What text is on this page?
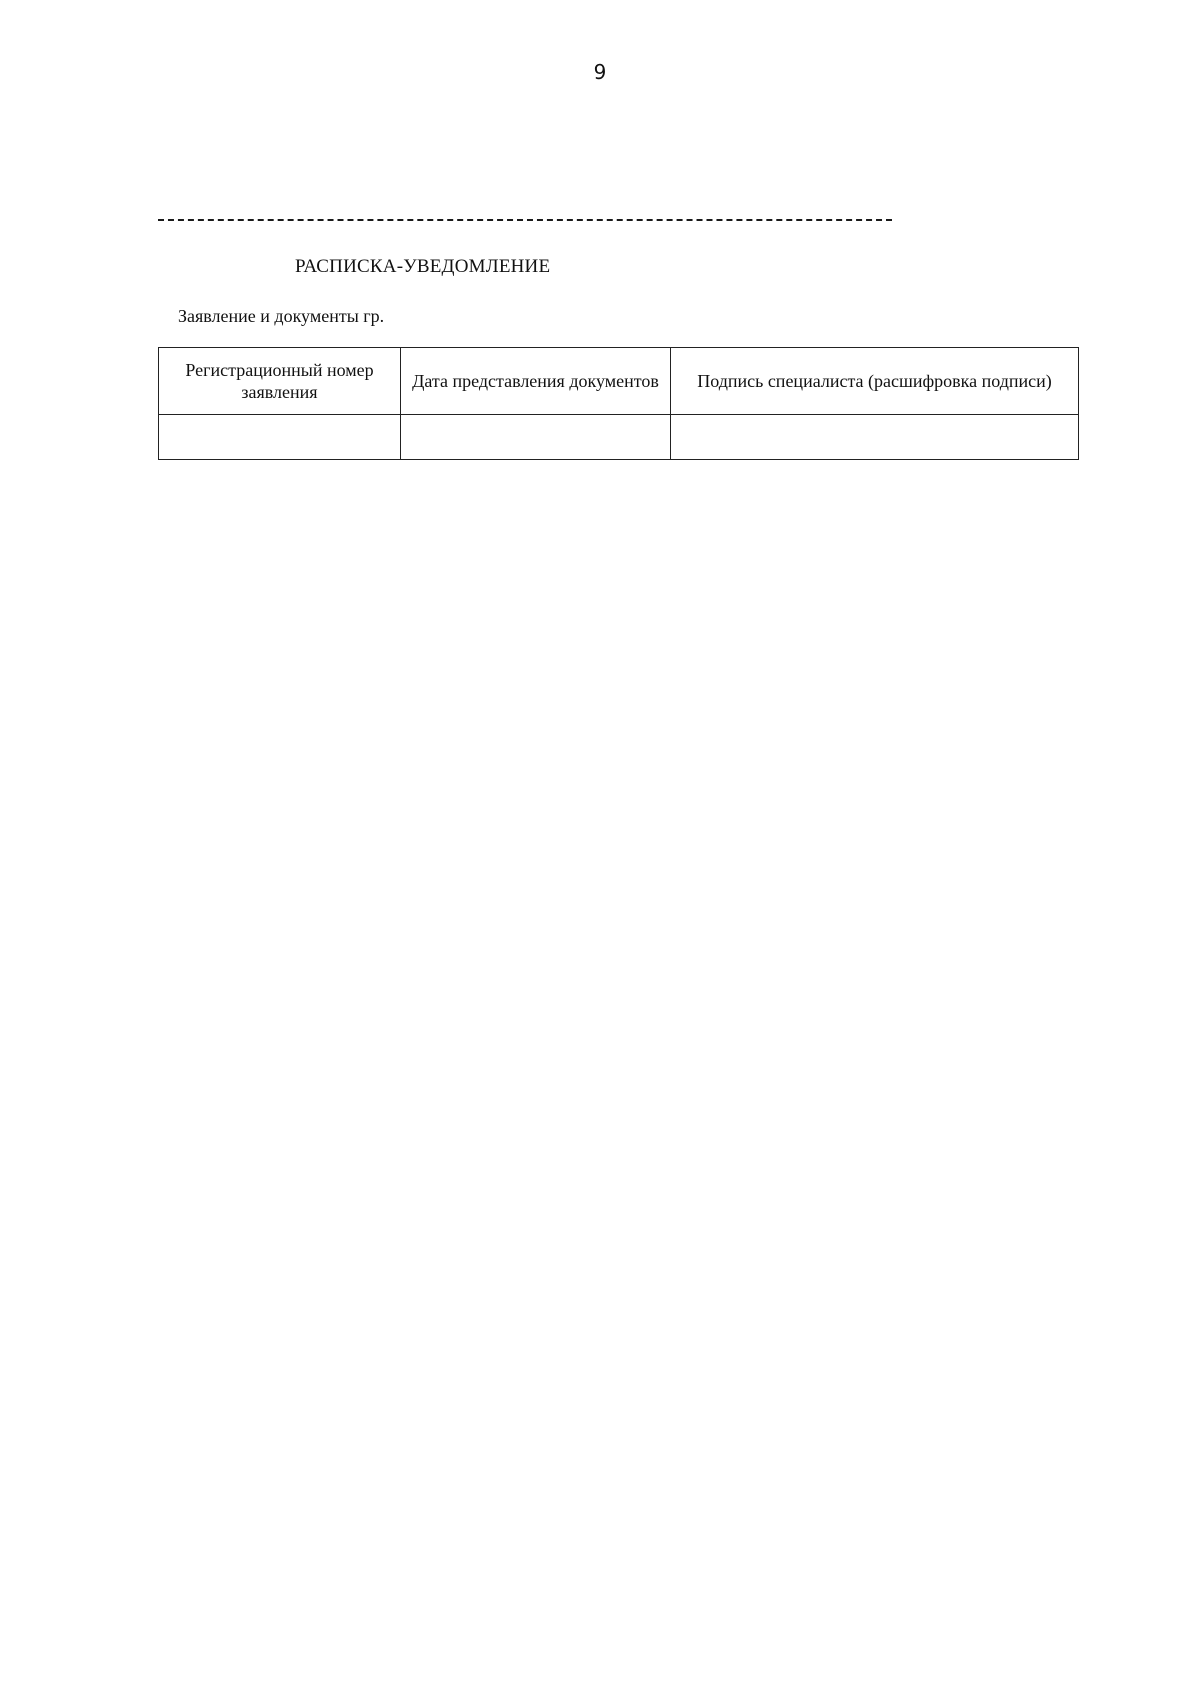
9
РАСПИСКА-УВЕДОМЛЕНИЕ
Заявление и документы гр.
Регистрационный номер заявления	Дата представления документов	Подпись специалиста (расшифровка подписи)
